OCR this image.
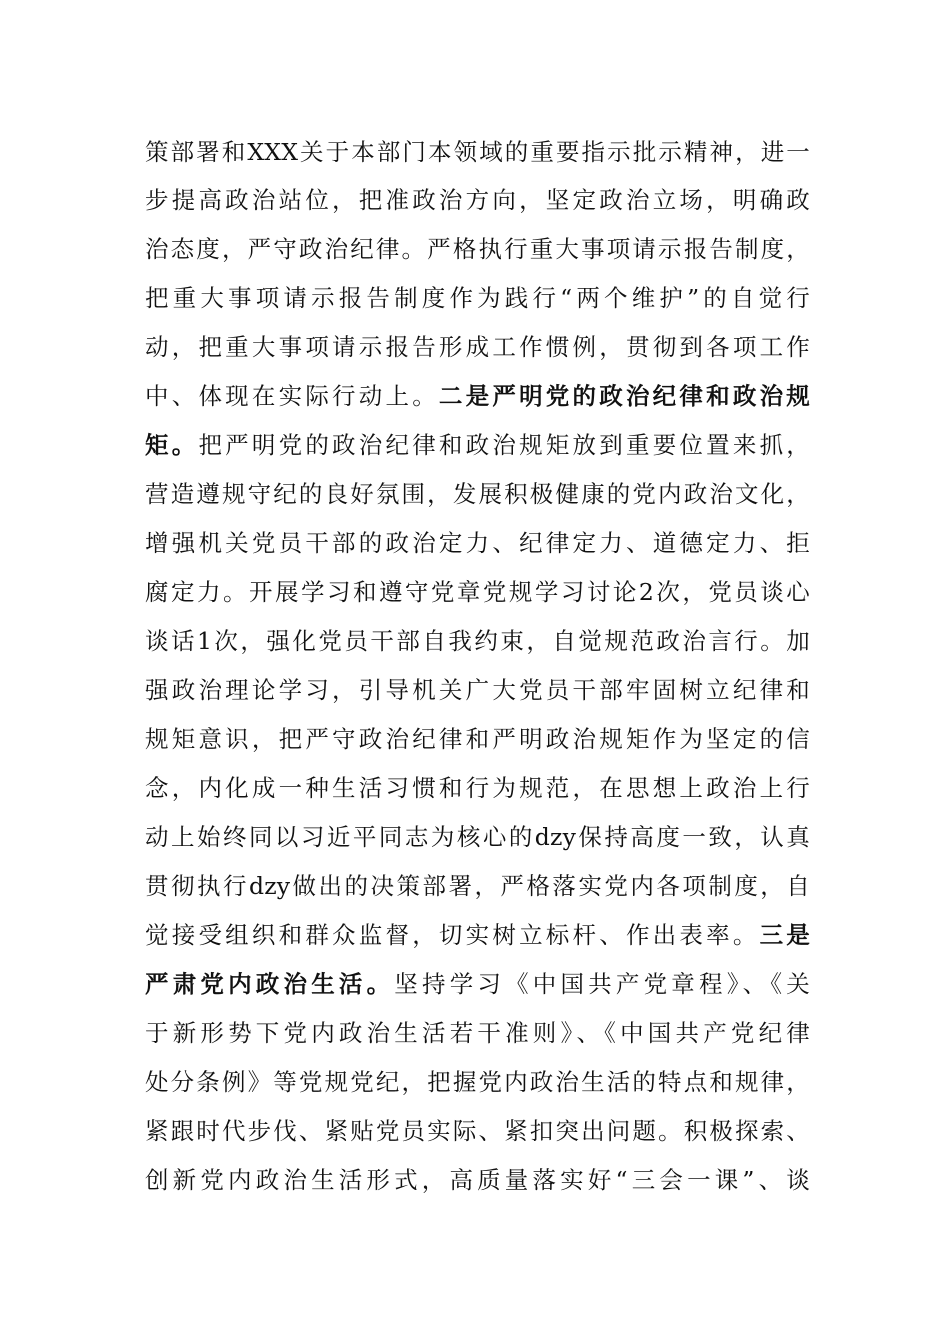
策部署和XXX关于本部门本领域的重要指示批示精神，进一
步提高政治站位，把准政治方向，坚定政治立场，明确政
治态度，严守政治纪律。严格执行重大事项请示报告制度，
把重大事项请示报告制度作为践行“两个维护”的自觉行
动，把重大事项请示报告形成工作惯例，贯彻到各项工作
中、体现在实际行动上。二是严明党的政治纪律和政治规
矩。把严明党的政治纪律和政治规矩放到重要位置来抓，
营造遵规守纪的良好氛围，发展积极健康的党内政治文化，
增强机关党员干部的政治定力、纪律定力、道德定力、拒
腐定力。开展学习和遵守党章党规学习讨论2次，党员谈心
谈话1次，强化党员干部自我约束，自觉规范政治言行。加
强政治理论学习，引导机关广大党员干部牢固树立纪律和
规矩意识，把严守政治纪律和严明政治规矩作为坚定的信
念，内化成一种生活习惯和行为规范，在思想上政治上行
动上始终同以习近平同志为核心的dzy保持高度一致，认真
贯彻执行dzy做出的决策部署，严格落实党内各项制度，自
觉接受组织和群众监督，切实树立标杆、作出表率。三是
严肃党内政治生活。坚持学习《中国共产党章程》、《关
于新形势下党内政治生活若干准则》、《中国共产党纪律
处分条例》等党规党纪，把握党内政治生活的特点和规律，
紧跟时代步伐、紧贴党员实际、紧扣突出问题。积极探索、
创新党内政治生活形式，高质量落实好“三会一课”、谈
